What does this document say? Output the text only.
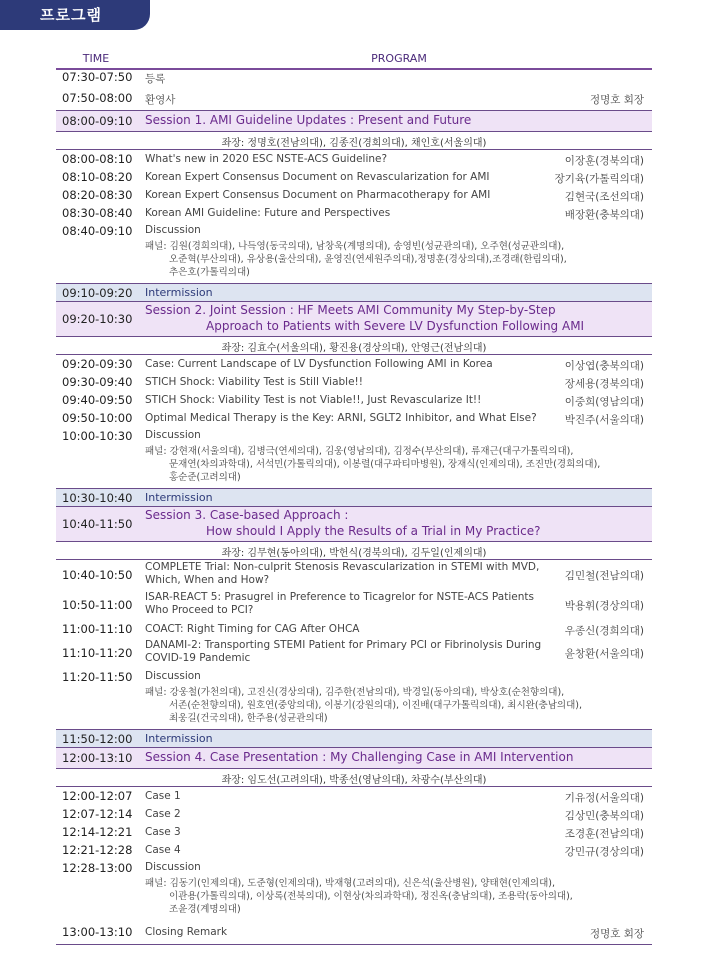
프로그램
TIME	PROGRAM
07:30-07:50 등록
07:50-08:00 환영사	정명호 회장
08:00-09:10 Session 1. AMI Guideline Updates : Present and Future
좌장: 정명호(전남의대), 김종진(경희의대), 채인호(서울의대)
08:00-08:10 What's new in 2020 ESC NSTE-ACS Guideline?	이장훈(경북의대)
08:10-08:20 Korean Expert Consensus Document on Revascularization for AMI	장기육(가톨릭의대)
08:20-08:30 Korean Expert Consensus Document on Pharmacotherapy for AMI	김현국(조선의대)
08:30-08:40 Korean AMI Guideline: Future and Perspectives	배장환(충북의대)
08:40-09:10 Discussion
패널: 김원(경희의대), 나득영(동국의대), 남창욱(계명의대), 송영빈(성균관의대), 오주현(성균관의대),
오준혁(부산의대), 유상용(울산의대), 윤영진(연세원주의대),정명훈(경상의대),조경래(한림의대),
추은호(가톨릭의대)
09:10-09:20 Intermission
09:20-10:30
Session 2. Joint Session : HF Meets AMI Community My Step-by-Step
Approach to Patients with Severe LV Dysfunction Following AMI
좌장: 김효수(서울의대), 황진용(경상의대), 안영근(전남의대)
09:20-09:30 Case: Current Landscape of LV Dysfunction Following AMI in Korea	이상엽(충북의대)
09:30-09:40 STICH Shock: Viability Test is Still Viable!!	장세용(경북의대)
09:40-09:50 STICH Shock: Viability Test is not Viable!!, Just Revascularize It!!	이중희(영남의대)
09:50-10:00 Optimal Medical Therapy is the Key: ARNI, SGLT2 Inhibitor, and What Else?	박진주(서울의대)
10:00-10:30 Discussion
패널: 강현재(서울의대), 김병극(연세의대), 김웅(영남의대), 김정수(부산의대), 류재근(대구가톨릭의대),
문재연(차의과학대), 서석민(가톨릭의대), 이봉렬(대구파티마병원), 장재식(인제의대), 조진만(경희의대),
홍순준(고려의대)
10:30-10:40 Intermission
10:40-11:50
Session 3. Case-based Approach :
How should I Apply the Results of a Trial in My Practice?
좌장: 김무현(동아의대), 박헌식(경북의대), 김두일(인제의대)
10:40-10:50
COMPLETE Trial: Non-culprit Stenosis Revascularization in STEMI with MVD,
Which, When and How?	김민철(전남의대)
10:50-11:00
ISAR-REACT 5: Prasugrel in Preference to Ticagrelor for NSTE-ACS Patients
Who Proceed to PCI?	박용휘(경상의대)
11:00-11:10 COACT: Right Timing for CAG After OHCA	우종신(경희의대)
11:10-11:20
DANAMI-2: Transporting STEMI Patient for Primary PCI or Fibrinolysis During
COVID-19 Pandemic	윤창환(서울의대)
11:20-11:50 Discussion
패널: 강웅철(가천의대), 고진신(경상의대), 김주한(전남의대), 박경일(동아의대), 박상호(순천향의대),
서존(순천향의대), 원호연(중앙의대), 이봉기(강원의대), 이진배(대구가톨릭의대), 최시완(충남의대),
최웅길(건국의대), 한주용(성균관의대)
11:50-12:00 Intermission
12:00-13:10 Session 4. Case Presentation : My Challenging Case in AMI Intervention
좌장: 임도선(고려의대), 박종선(영남의대), 차광수(부산의대)
12:00-12:07 Case 1	기유정(서울의대)
12:07-12:14 Case 2	김상민(충북의대)
12:14-12:21 Case 3	조경훈(전남의대)
12:21-12:28 Case 4	강민규(경상의대)
12:28-13:00 Discussion
패널: 김동기(인제의대), 도준형(인제의대), 박재형(고려의대), 신은석(울산병원), 양태현(인제의대),
이관용(가톨릭의대), 이상록(전북의대), 이현상(차의과학대), 정진옥(충남의대), 조용락(동아의대),
조윤경(계명의대)
13:00-13:10 Closing Remark	정명호 회장
